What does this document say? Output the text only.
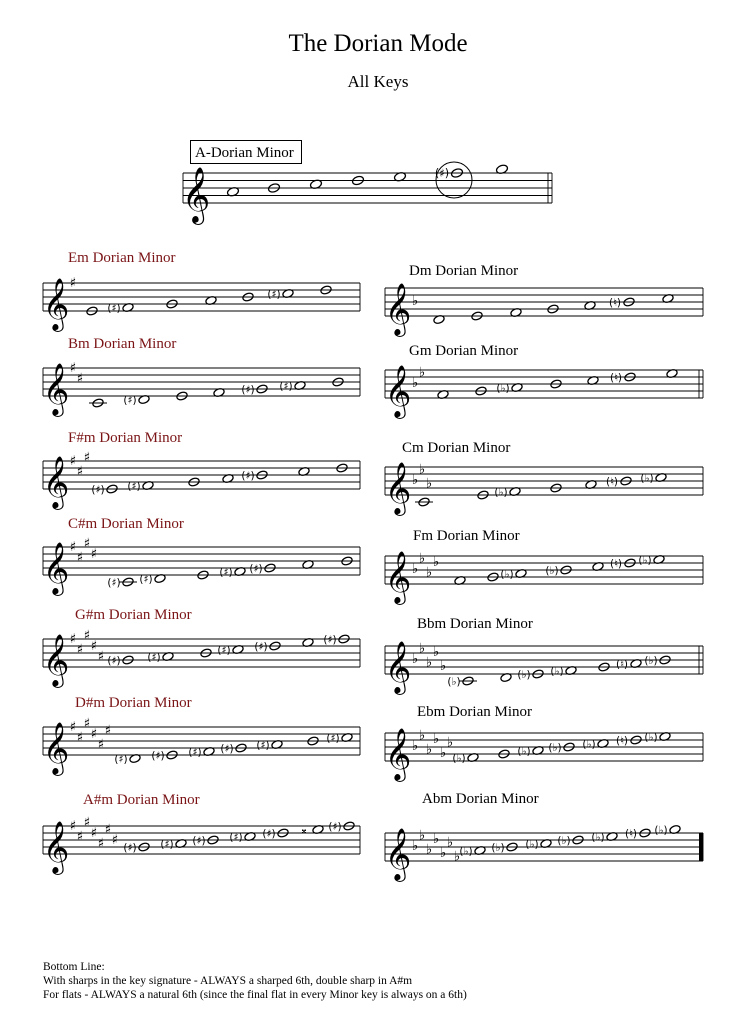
The Dorian Mode
All Keys
A-Dorian Minor
Em Dorian Minor
Dm Dorian Minor
Bm Dorian Minor	Gm Dorian Minor
F#m Dorian Minor
Cm Dorian Minor
C#m Dorian Minor
Fm Dorian Minor
G#m Dorian Minor
Bbm Dorian Minor
D#m Dorian Minor
Ebm Dorian Minor
A#m Dorian Minor	Abm Dorian Minor
𝄞	(♯)
𝄞 ♯
(♯)
(♯)
𝄞 ♯
♯
(♯)
(♯) (♯)
𝄞 ♯
♯
♯
(♯) (♯)
(♯)
𝄞 ♯
♯
♯
♯
(♯) (♯)
(♯) (♯)
𝄞 ♯
♯
♯
♯
♯ (♯)	(♯)
(♯) (♯)
(♯)
𝄞 ♯
♯
♯
♯
♯
♯
(♯) (♯) (♯) (♯) (♯)
(♯)
𝄞 ♯
♯
♯
♯
♯
♯
♯ (♯) (♯) (♯) (♯) (♯) 𝄪 (♯)
𝄞 ♭	(♮)
𝄞 ♭
♭
(♭)
(♮)
𝄞 ♭
♭
♭
(♭)
(♮) (♭)
𝄞 ♭
♭
♭
♭
(♭)	(♭)
(♮) (♭)
𝄞 ♭
♭
♭
♭
♭
(♭)
(♭) (♭)
(♮) (♭)
𝄞 ♭
♭
♭
♭
♭
♭
(♭)
(♭) (♭) (♭) (♮) (♭)
𝄞 ♭
♭
♭
♭
♭
♭
♭ (♭) (♭) (♭) (♭) (♭) (♮) (♭)
Bottom Line:
With sharps in the key signature - ALWAYS a sharped 6th, double sharp in A#m
For flats - ALWAYS a natural 6th (since the final flat in every Minor key is always on a 6th)
